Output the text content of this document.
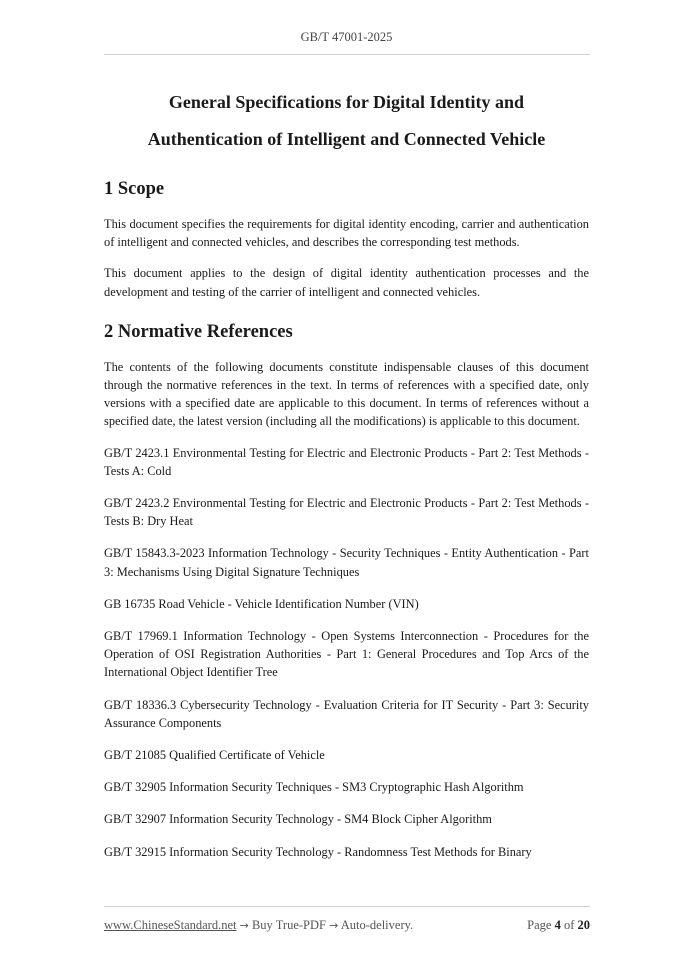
GB/T 47001-2025

General Specifications for Digital Identity and

Authentication of Intelligent and Connected Vehicle

1 Scope

This document specifies the requirements for digital identity encoding, carrier and authentication of intelligent and connected vehicles, and describes the corresponding test methods.

This document applies to the design of digital identity authentication processes and the development and testing of the carrier of intelligent and connected vehicles.

2 Normative References

The contents of the following documents constitute indispensable clauses of this document through the normative references in the text. In terms of references with a specified date, only versions with a specified date are applicable to this document. In terms of references without a specified date, the latest version (including all the modifications) is applicable to this document.

GB/T 2423.1 Environmental Testing for Electric and Electronic Products - Part 2: Test Methods - Tests A: Cold

GB/T 2423.2 Environmental Testing for Electric and Electronic Products - Part 2: Test Methods - Tests B: Dry Heat

GB/T 15843.3-2023 Information Technology - Security Techniques - Entity Authentication - Part 3: Mechanisms Using Digital Signature Techniques

GB 16735 Road Vehicle - Vehicle Identification Number (VIN)

GB/T 17969.1 Information Technology - Open Systems Interconnection - Procedures for the Operation of OSI Registration Authorities - Part 1: General Procedures and Top Arcs of the International Object Identifier Tree

GB/T 18336.3 Cybersecurity Technology - Evaluation Criteria for IT Security - Part 3: Security Assurance Components

GB/T 21085 Qualified Certificate of Vehicle

GB/T 32905 Information Security Techniques - SM3 Cryptographic Hash Algorithm

GB/T 32907 Information Security Technology - SM4 Block Cipher Algorithm

GB/T 32915 Information Security Technology - Randomness Test Methods for Binary

www.ChineseStandard.net → Buy True-PDF → Auto-delivery.	Page 4 of 20
